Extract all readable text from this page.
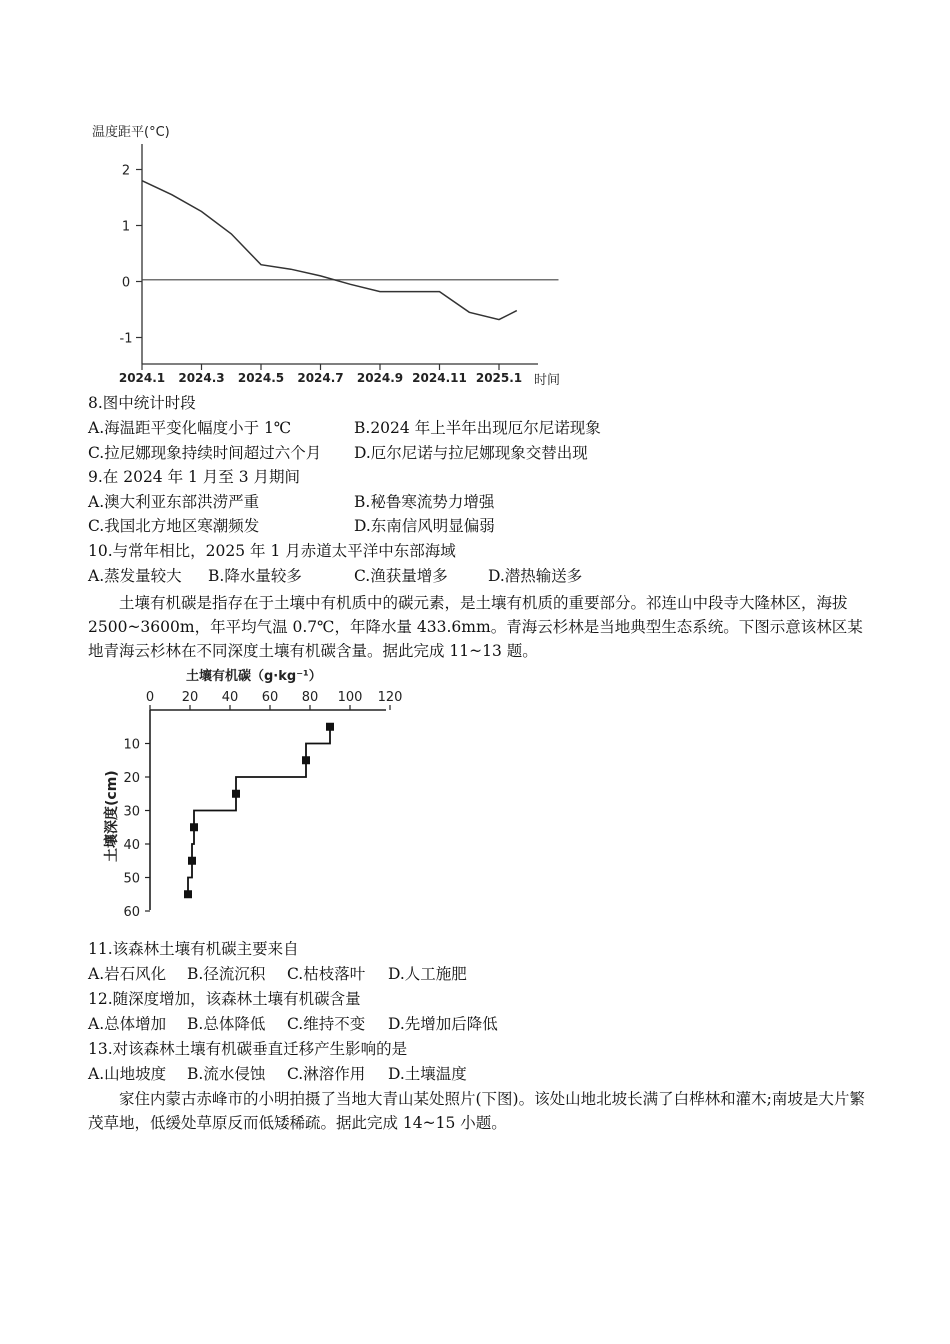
温度距平(°C)
2
1
0
-1
2024.1 2024.3 2024.5 2024.7 2024.9 2024.11 2025.1 时间
8.图中统计时段
A.海温距平变化幅度小于 1℃	B.2024 年上半年出现厄尔尼诺现象
C.拉尼娜现象持续时间超过六个月 D.厄尔尼诺与拉尼娜现象交替出现
9.在 2024 年 1 月至 3 月期间
A.澳大利亚东部洪涝严重	B.秘鲁寒流势力增强
C.我国北方地区寒潮频发	D.东南信风明显偏弱
10.与常年相比，2025 年 1 月赤道太平洋中东部海域
A.蒸发量较大 B.降水量较多	C.渔获量增多	D.潜热输送多
土壤有机碳是指存在于土壤中有机质中的碳元素，是土壤有机质的重要部分。祁连山中段寺大隆林区，海拔 2500~3600m，年平均气温 0.7℃，年降水量 433.6mm。青海云杉林是当地典型生态系统。下图示意该林区某地青海云杉林在不同深度土壤有机碳含量。据此完成 11~13 题。
土壤有机碳（g·kg⁻¹）
0 20 40 60 80 100 120
10
20
30
40
50
60
土壤深度(cm)
11.该森林土壤有机碳主要来自
A.岩石风化 B.径流沉积 C.枯枝落叶 D.人工施肥
12.随深度增加，该森林土壤有机碳含量
A.总体增加 B.总体降低 C.维持不变 D.先增加后降低
13.对该森林土壤有机碳垂直迁移产生影响的是
A.山地坡度 B.流水侵蚀 C.淋溶作用 D.土壤温度
家住内蒙古赤峰市的小明拍摄了当地大青山某处照片(下图)。该处山地北坡长满了白桦林和灌木;南坡是大片繁茂草地，低缓处草原反而低矮稀疏。据此完成 14~15 小题。
